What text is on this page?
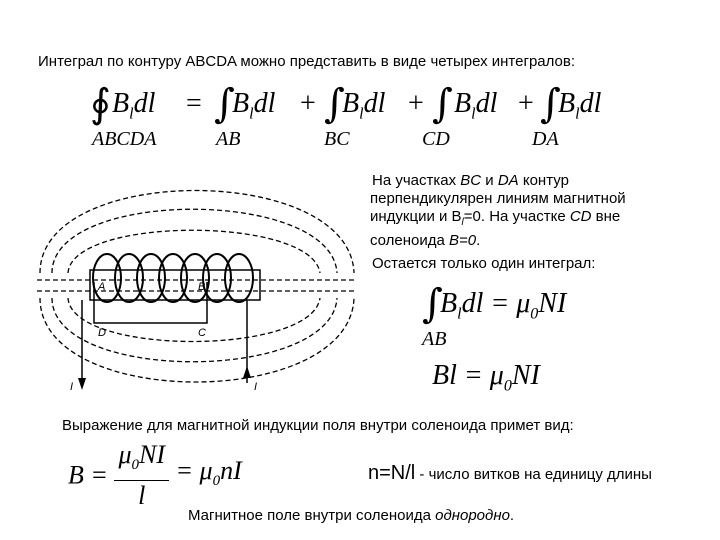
Интеграл по контуру ABCDA можно представить в виде четырех интегралов:
∮ $B_ldl$
ABCDA
= ∫
$B_ldl$
AB
+ ∫
$B_ldl$
BC
+ ∫ $B_ldl$
CD
+ ∫
$B_ldl$
DA
На участках BC и DA контур
перпендикулярен линиям магнитной
индукции и $B_l=0$. На участке CD вне
соленоида B=0.
Остается только один интеграл:
∫
$B_ldl = \mu_0NI$
AB
$Bl = \mu_0NI$
A	B
D	C
I	I
Выражение для магнитной индукции поля внутри соленоида примет вид:
$B = \frac{\mu_0NI}{l} = \mu_0nI$	n=N/l - число витков на единицу длины
Магнитное поле внутри соленоида однородно.
